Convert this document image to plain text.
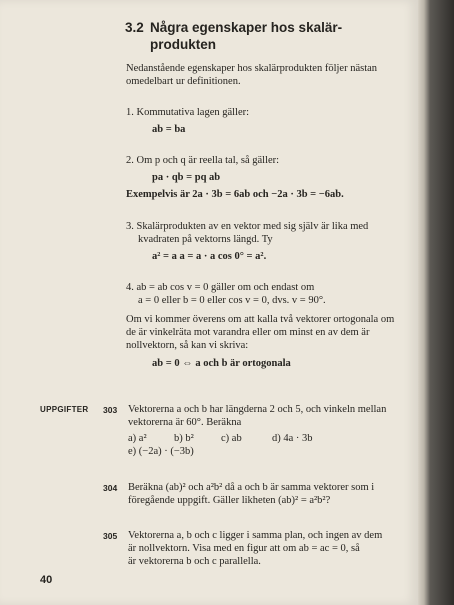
3.2 Några egenskaper hos skalär-
produkten
Nedanstående egenskaper hos skalärprodukten följer nästan
omedelbart ur definitionen.
1. Kommutativa lagen gäller:
ab = ba
2. Om p och q är reella tal, så gäller:
pa · qb = pq ab
Exempelvis är 2a · 3b = 6ab och −2a · 3b = −6ab.
3. Skalärprodukten av en vektor med sig själv är lika med
kvadraten på vektorns längd. Ty
a² = a a = a · a cos 0° = a².
4. ab = ab cos v = 0 gäller om och endast om
a = 0 eller b = 0 eller cos v = 0, dvs. v = 90°.
Om vi kommer överens om att kalla två vektorer ortogonala om
de är vinkelräta mot varandra eller om minst en av dem är
nollvektorn, så kan vi skriva:
ab = 0 ⇔ a och b är ortogonala
UPPGIFTER 303 Vektorerna a och b har längderna 2 och 5, och vinkeln mellan
vektorerna är 60°. Beräkna
a) a²	b) b²	c) ab	d) 4a · 3b
e) (−2a) · (−3b)
304 Beräkna (ab)² och a²b² då a och b är samma vektorer som i
föregående uppgift. Gäller likheten (ab)² = a²b²?
305 Vektorerna a, b och c ligger i samma plan, och ingen av dem
är nollvektorn. Visa med en figur att om ab = ac = 0, så
är vektorerna b och c parallella.
40
